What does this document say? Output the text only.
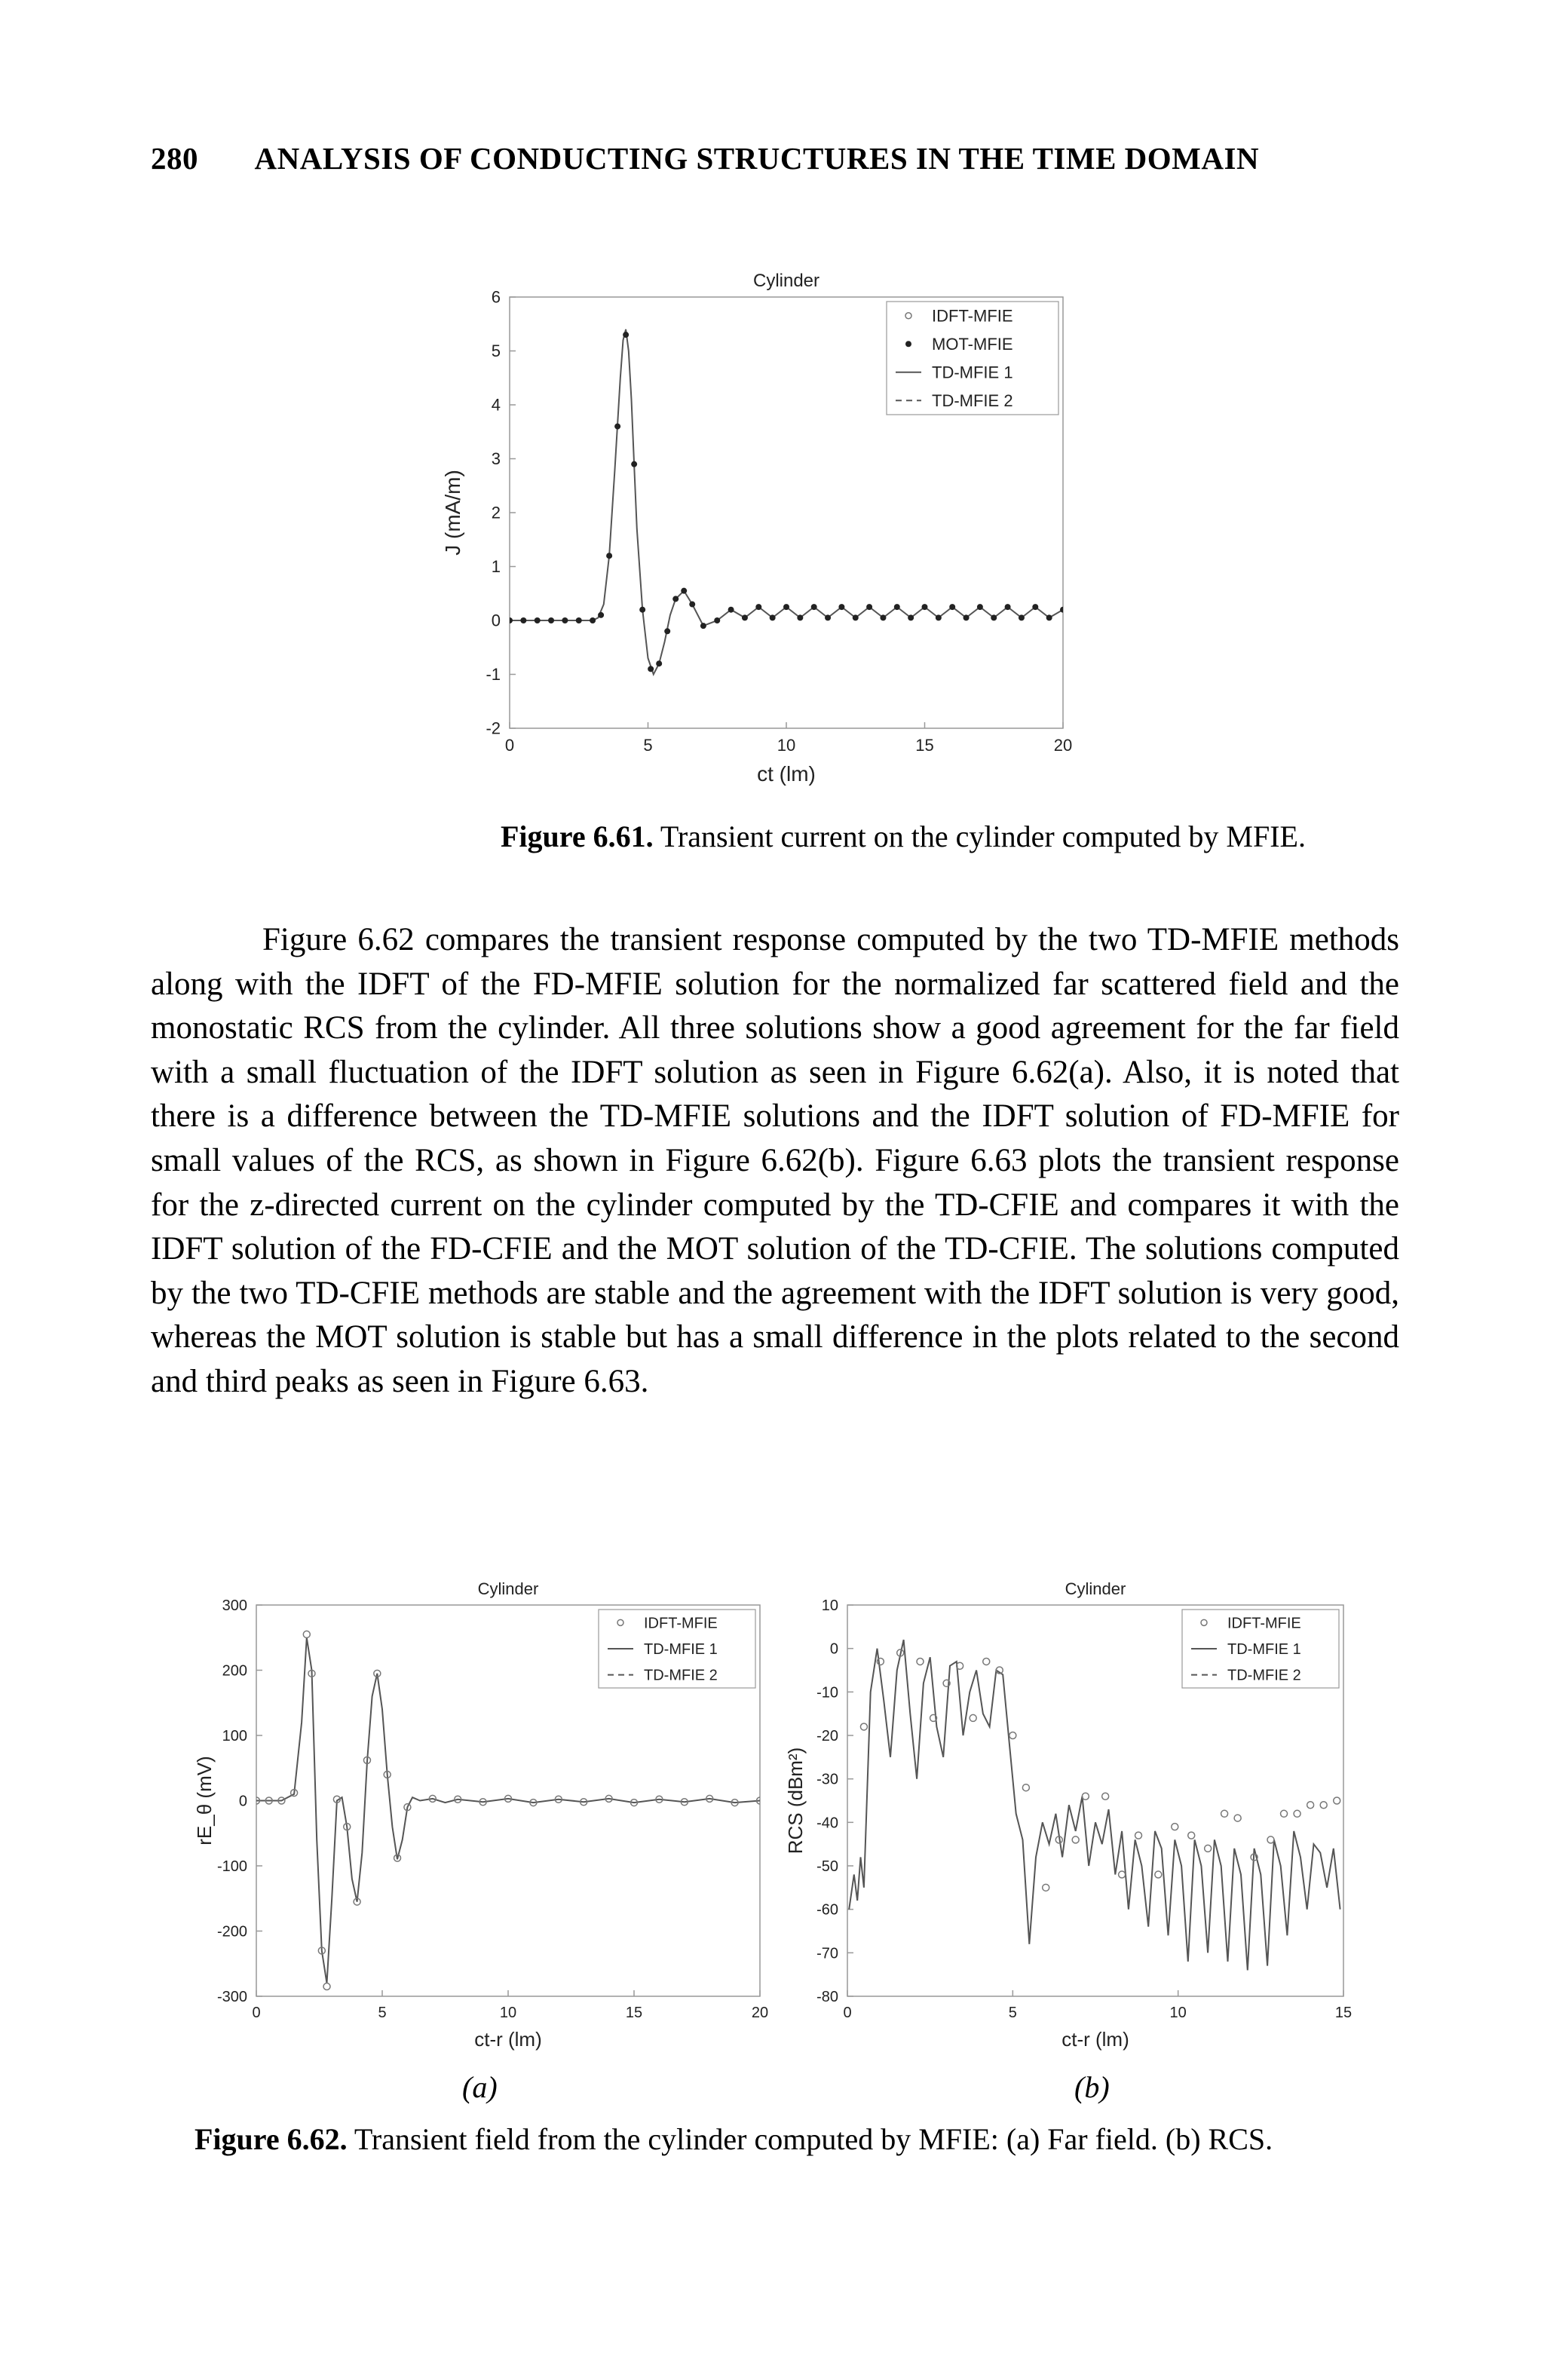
280 ANALYSIS OF CONDUCTING STRUCTURES IN THE TIME DOMAIN
0	5	10	15	20
-2
-1
0
1
2
3
4
5
6
Cylinder
ct (lm)
J (mA/m)
IDFT-MFIE
MOT-MFIE
TD-MFIE 1
TD-MFIE 2
Figure 6.61. Transient current on the cylinder computed by MFIE.

Figure 6.62 compares the transient response computed by the two TD-MFIE methods along with the IDFT of the FD-MFIE solution for the normalized far scattered field and the monostatic RCS from the cylinder. All three solutions show a good agreement for the far field with a small fluctuation of the IDFT solution as seen in Figure 6.62(a). Also, it is noted that there is a difference between the TD-MFIE solutions and the IDFT solution of FD-MFIE for small values of the RCS, as shown in Figure 6.62(b). Figure 6.63 plots the transient response for the z-directed current on the cylinder computed by the TD-CFIE and compares it with the IDFT solution of the FD-CFIE and the MOT solution of the TD-CFIE. The solutions computed by the two TD-CFIE methods are stable and the agreement with the IDFT solution is very good, whereas the MOT solution is stable but has a small difference in the plots related to the second and third peaks as seen in Figure 6.63.

(a)	(b)
Figure 6.62. Transient field from the cylinder computed by MFIE: (a) Far field. (b) RCS.
0	5	10	15	20
-300
-200
-100
0
100
200
300
Cylinder
ct-r (lm)
rE_θ (mV)
IDFT-MFIE
TD-MFIE 1
TD-MFIE 2
0	5	10	15
-80
-70
-60
-50
-40
-30
-20
-10
0
10
Cylinder
ct-r (lm)
RCS (dBm²)
IDFT-MFIE
TD-MFIE 1
TD-MFIE 2
